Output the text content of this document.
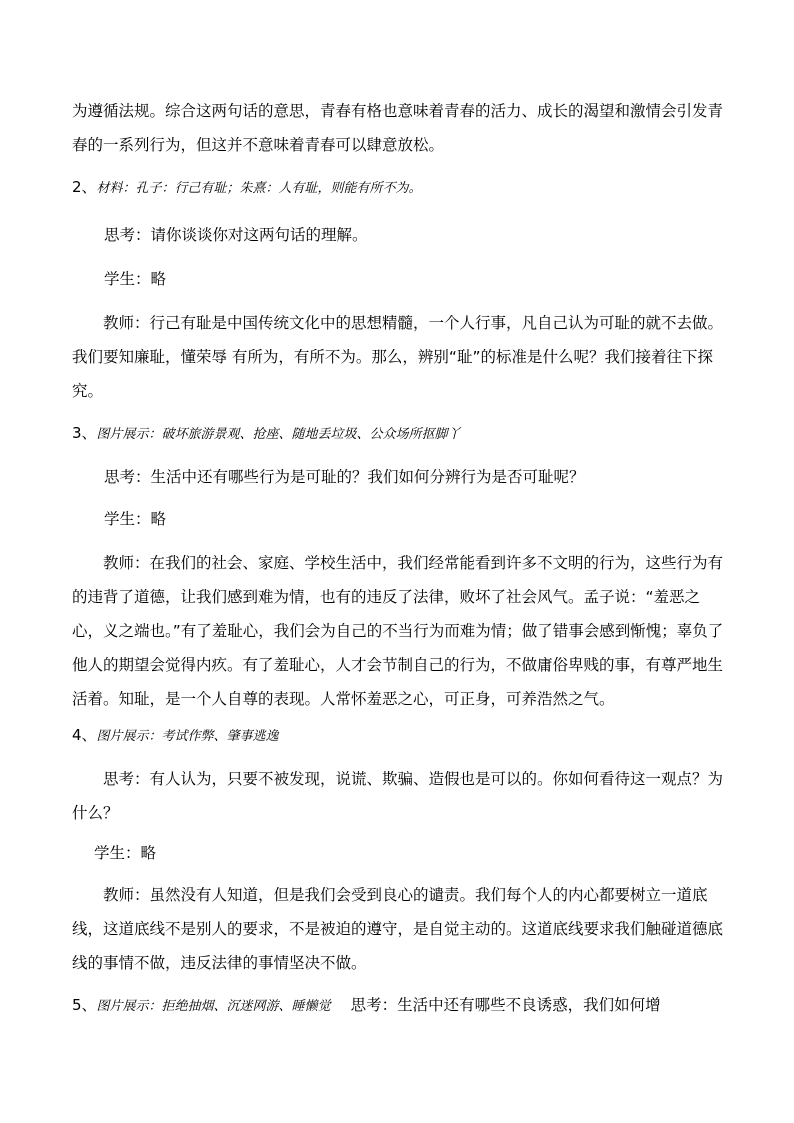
为遵循法规。综合这两句话的意思，青春有格也意味着青春的活力、成长的渴望和激情会引发青春的一系列行为，但这并不意味着青春可以肆意放松。

2、材料：孔子：行己有耻；朱熹：人有耻，则能有所不为。

思考：请你谈谈你对这两句话的理解。

学生：略

教师：行己有耻是中国传统文化中的思想精髓，一个人行事，凡自己认为可耻的就不去做。我们要知廉耻，懂荣辱 有所为，有所不为。那么，辨别“耻”的标准是什么呢？我们接着往下探究。

3、图片展示：破坏旅游景观、抢座、随地丢垃圾、公众场所抠脚丫

思考：生活中还有哪些行为是可耻的？我们如何分辨行为是否可耻呢？

学生：略

教师：在我们的社会、家庭、学校生活中，我们经常能看到许多不文明的行为，这些行为有的违背了道德，让我们感到难为情，也有的违反了法律，败坏了社会风气。孟子说：“羞恶之心，义之端也。”有了羞耻心，我们会为自己的不当行为而难为情；做了错事会感到惭愧；辜负了他人的期望会觉得内疚。有了羞耻心，人才会节制自己的行为，不做庸俗卑贱的事，有尊严地生活着。知耻，是一个人自尊的表现。人常怀羞恶之心，可正身，可养浩然之气。

4、图片展示：考试作弊、肇事逃逸

思考：有人认为，只要不被发现，说谎、欺骗、造假也是可以的。你如何看待这一观点？为什么？

学生：略

教师：虽然没有人知道，但是我们会受到良心的谴责。我们每个人的内心都要树立一道底线，这道底线不是别人的要求，不是被迫的遵守，是自觉主动的。这道底线要求我们触碰道德底线的事情不做，违反法律的事情坚决不做。

5、图片展示：拒绝抽烟、沉迷网游、睡懒觉 思考：生活中还有哪些不良诱惑，我们如何增
